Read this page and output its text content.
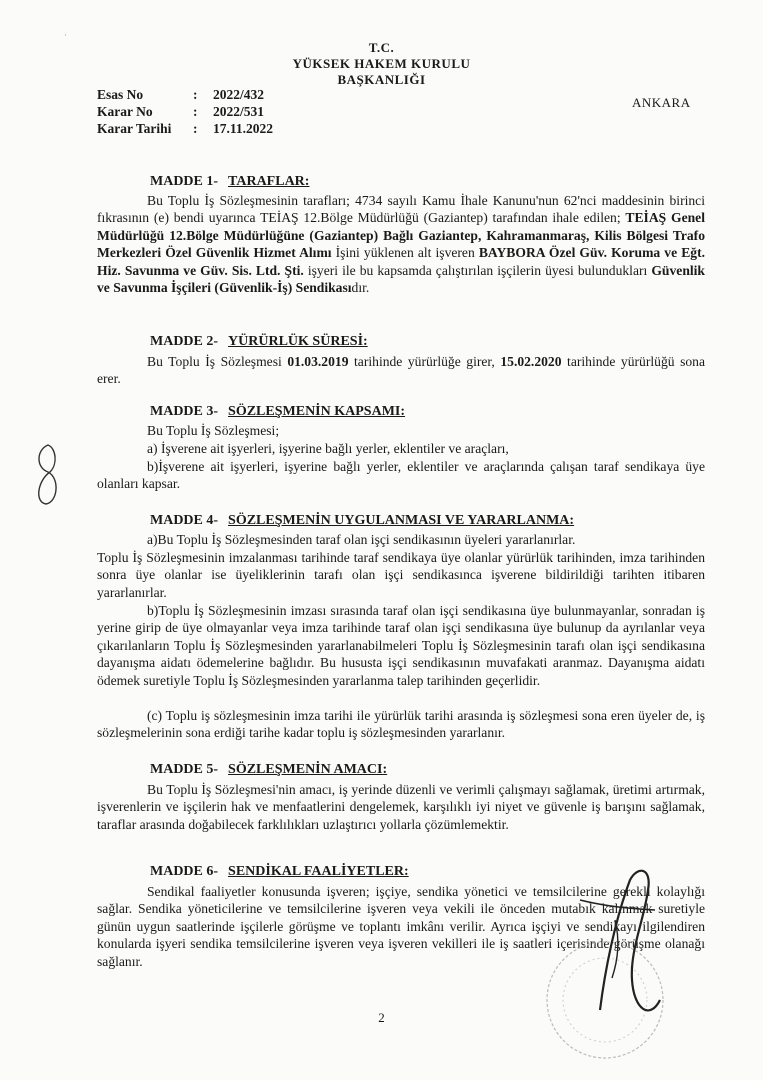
·
T.C.
YÜKSEK HAKEM KURULU
BAŞKANLIĞI
Esas No	:	2022/432
Karar No	:	2022/531
Karar Tarihi	:	17.11.2022
ANKARA
MADDE 1- TARAFLAR:
Bu Toplu İş Sözleşmesinin tarafları; 4734 sayılı Kamu İhale Kanunu'nun 62'nci maddesinin birinci fıkrasının (e) bendi uyarınca TEİAŞ 12.Bölge Müdürlüğü (Gaziantep) tarafından ihale edilen; TEİAŞ Genel Müdürlüğü 12.Bölge Müdürlüğüne (Gaziantep) Bağlı Gaziantep, Kahramanmaraş, Kilis Bölgesi Trafo Merkezleri Özel Güvenlik Hizmet Alımı İşini yüklenen alt işveren BAYBORA Özel Güv. Koruma ve Eğt. Hiz. Savunma ve Güv. Sis. Ltd. Şti. işyeri ile bu kapsamda çalıştırılan işçilerin üyesi bulundukları Güvenlik ve Savunma İşçileri (Güvenlik-İş) Sendikasıdır.
MADDE 2- YÜRÜRLÜK SÜRESİ:
Bu Toplu İş Sözleşmesi 01.03.2019 tarihinde yürürlüğe girer, 15.02.2020 tarihinde yürürlüğü sona erer.
MADDE 3- SÖZLEŞMENİN KAPSAMI:
Bu Toplu İş Sözleşmesi;
a) İşverene ait işyerleri, işyerine bağlı yerler, eklentiler ve araçları,
b)İşverene ait işyerleri, işyerine bağlı yerler, eklentiler ve araçlarında çalışan taraf sendikaya üye olanları kapsar.
MADDE 4- SÖZLEŞMENİN UYGULANMASI VE YARARLANMA:
a)Bu Toplu İş Sözleşmesinden taraf olan işçi sendikasının üyeleri yararlanırlar.
Toplu İş Sözleşmesinin imzalanması tarihinde taraf sendikaya üye olanlar yürürlük tarihinden, imza tarihinden sonra üye olanlar ise üyeliklerinin tarafı olan işçi sendikasınca işverene bildirildiği tarihten itibaren yararlanırlar.
b)Toplu İş Sözleşmesinin imzası sırasında taraf olan işçi sendikasına üye bulunmayanlar, sonradan iş yerine girip de üye olmayanlar veya imza tarihinde taraf olan işçi sendikasına üye bulunup da ayrılanlar veya çıkarılanların Toplu İş Sözleşmesinden yararlanabilmeleri Toplu İş Sözleşmesinin tarafı olan işçi sendikasına dayanışma aidatı ödemelerine bağlıdır. Bu hususta işçi sendikasının muvafakati aranmaz. Dayanışma aidatı ödemek suretiyle Toplu İş Sözleşmesinden yararlanma talep tarihinden geçerlidir.
(c) Toplu iş sözleşmesinin imza tarihi ile yürürlük tarihi arasında iş sözleşmesi sona eren üyeler de, iş sözleşmelerinin sona erdiği tarihe kadar toplu iş sözleşmesinden yararlanır.
MADDE 5- SÖZLEŞMENİN AMACI:
Bu Toplu İş Sözleşmesi'nin amacı, iş yerinde düzenli ve verimli çalışmayı sağlamak, üretimi artırmak, işverenlerin ve işçilerin hak ve menfaatlerini dengelemek, karşılıklı iyi niyet ve güvenle iş barışını sağlamak, taraflar arasında doğabilecek farklılıkları uzlaştırıcı yollarla çözümlemektir.
MADDE 6- SENDİKAL FAALİYETLER:
Sendikal faaliyetler konusunda işveren; işçiye, sendika yönetici ve temsilcilerine gerekli kolaylığı sağlar. Sendika yöneticilerine ve temsilcilerine işveren veya vekili ile önceden mutabık kalınmak suretiyle günün uygun saatlerinde işçilerle görüşme ve toplantı imkânı verilir. Ayrıca işçiyi ve sendikayı ilgilendiren konularda işyeri sendika temsilcilerine işveren veya işveren vekilleri ile iş saatleri içerisinde görüşme olanağı sağlanır.
2
